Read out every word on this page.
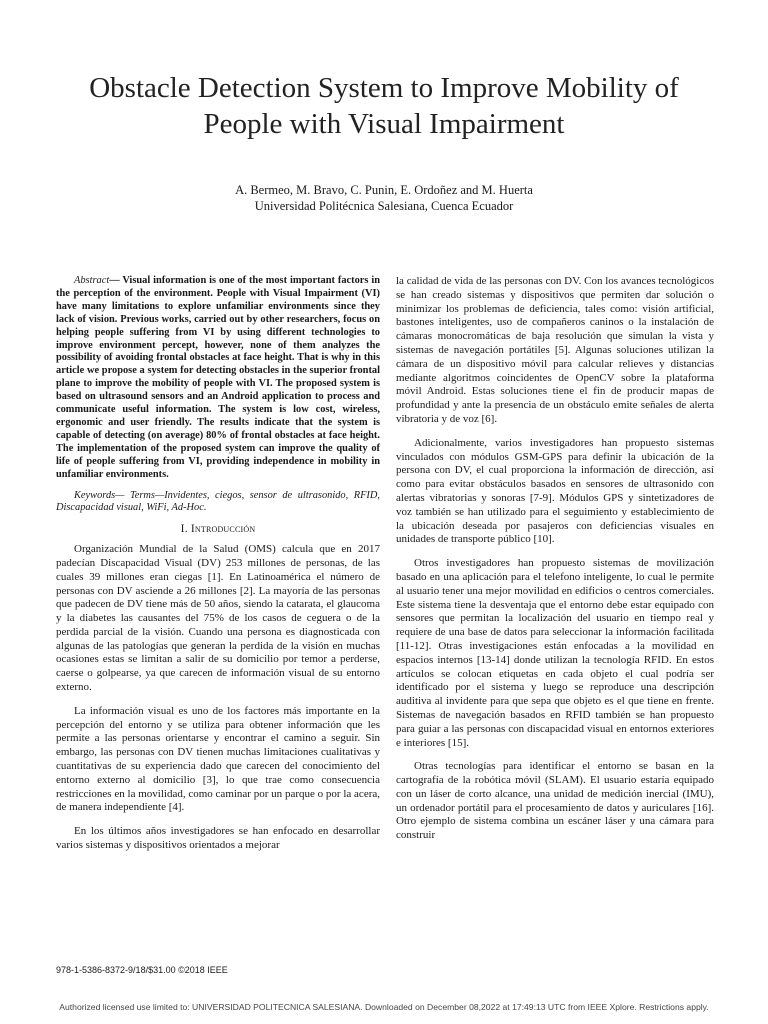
Obstacle Detection System to Improve Mobility of
People with Visual Impairment
A. Bermeo, M. Bravo, C. Punin, E. Ordoñez and M. Huerta
Universidad Politécnica Salesiana, Cuenca Ecuador

Abstract— Visual information is one of the most important factors in the perception of the environment. People with Visual Impairment (VI) have many limitations to explore unfamiliar environments since they lack of vision. Previous works, carried out by other researchers, focus on helping people suffering from VI by using different technologies to improve environment percept, however, none of them analyzes the possibility of avoiding frontal obstacles at face height. That is why in this article we propose a system for detecting obstacles in the superior frontal plane to improve the mobility of people with VI. The proposed system is based on ultrasound sensors and an Android application to process and communicate useful information. The system is low cost, wireless, ergonomic and user friendly. The results indicate that the system is capable of detecting (on average) 80% of frontal obstacles at face height. The implementation of the proposed system can improve the quality of life of people suffering from VI, providing independence in mobility in unfamiliar environments.

Keywords— Terms—Invidentes, ciegos, sensor de ultrasonido, RFID, Discapacidad visual, WiFi, Ad-Hoc.

I. Introducción

Organización Mundial de la Salud (OMS) calcula que en 2017 padecían Discapacidad Visual (DV) 253 millones de personas, de las cuales 39 millones eran ciegas [1]. En Latinoamérica el número de personas con DV asciende a 26 millones [2]. La mayoría de las personas que padecen de DV tiene más de 50 años, siendo la catarata, el glaucoma y la diabetes las causantes del 75% de los casos de ceguera o de la perdida parcial de la visión. Cuando una persona es diagnosticada con algunas de las patologías que generan la perdida de la visión en muchas ocasiones estas se limitan a salir de su domicilio por temor a perderse, caerse o golpearse, ya que carecen de información visual de su entorno externo.

La información visual es uno de los factores más importante en la percepción del entorno y se utiliza para obtener información que les permite a las personas orientarse y encontrar el camino a seguir. Sin embargo, las personas con DV tienen muchas limitaciones cualitativas y cuantitativas de su experiencia dado que carecen del conocimiento del entorno externo al domicilio [3], lo que trae como consecuencia restricciones en la movilidad, como caminar por un parque o por la acera, de manera independiente [4].

En los últimos años investigadores se han enfocado en desarrollar varios sistemas y dispositivos orientados a mejorar

la calidad de vida de las personas con DV. Con los avances tecnológicos se han creado sistemas y dispositivos que permiten dar solución o minimizar los problemas de deficiencia, tales como: visión artificial, bastones inteligentes, uso de compañeros caninos o la instalación de cámaras monocromáticas de baja resolución que simulan la vista y sistemas de navegación portátiles [5]. Algunas soluciones utilizan la cámara de un dispositivo móvil para calcular relieves y distancias mediante algoritmos coincidentes de OpenCV sobre la plataforma móvil Android. Estas soluciones tiene el fin de producir mapas de profundidad y ante la presencia de un obstáculo emite señales de alerta vibratoria y de voz [6].

Adicionalmente, varios investigadores han propuesto sistemas vinculados con módulos GSM-GPS para definir la ubicación de la persona con DV, el cual proporciona la información de dirección, así como para evitar obstáculos basados en sensores de ultrasonido con alertas vibratorias y sonoras [7-9]. Módulos GPS y sintetizadores de voz también se han utilizado para el seguimiento y establecimiento de la ubicación deseada por pasajeros con deficiencias visuales en unidades de transporte público [10].

Otros investigadores han propuesto sistemas de movilización basado en una aplicación para el telefono inteligente, lo cual le permite al usuario tener una mejor movilidad en edificios o centros comerciales. Este sistema tiene la desventaja que el entorno debe estar equipado con sensores que permitan la localización del usuario en tiempo real y requiere de una base de datos para seleccionar la información facilitada [11-12]. Otras investigaciones están enfocadas a la movilidad en espacios internos [13-14] donde utilizan la tecnología RFID. En estos artículos se colocan etiquetas en cada objeto el cual podría ser identificado por el sistema y luego se reproduce una descripción auditiva al invidente para que sepa que objeto es el que tiene en frente. Sistemas de navegación basados en RFID también se han propuesto para guiar a las personas con discapacidad visual en entornos exteriores e interiores [15].

Otras tecnologías para identificar el entorno se basan en la cartografía de la robótica móvil (SLAM). El usuario estaría equipado con un láser de corto alcance, una unidad de medición inercial (IMU), un ordenador portátil para el procesamiento de datos y auriculares [16]. Otro ejemplo de sistema combina un escáner láser y una cámara para construir

978-1-5386-8372-9/18/$31.00 ©2018 IEEE
Authorized licensed use limited to: UNIVERSIDAD POLITECNICA SALESIANA. Downloaded on December 08,2022 at 17:49:13 UTC from IEEE Xplore. Restrictions apply.
